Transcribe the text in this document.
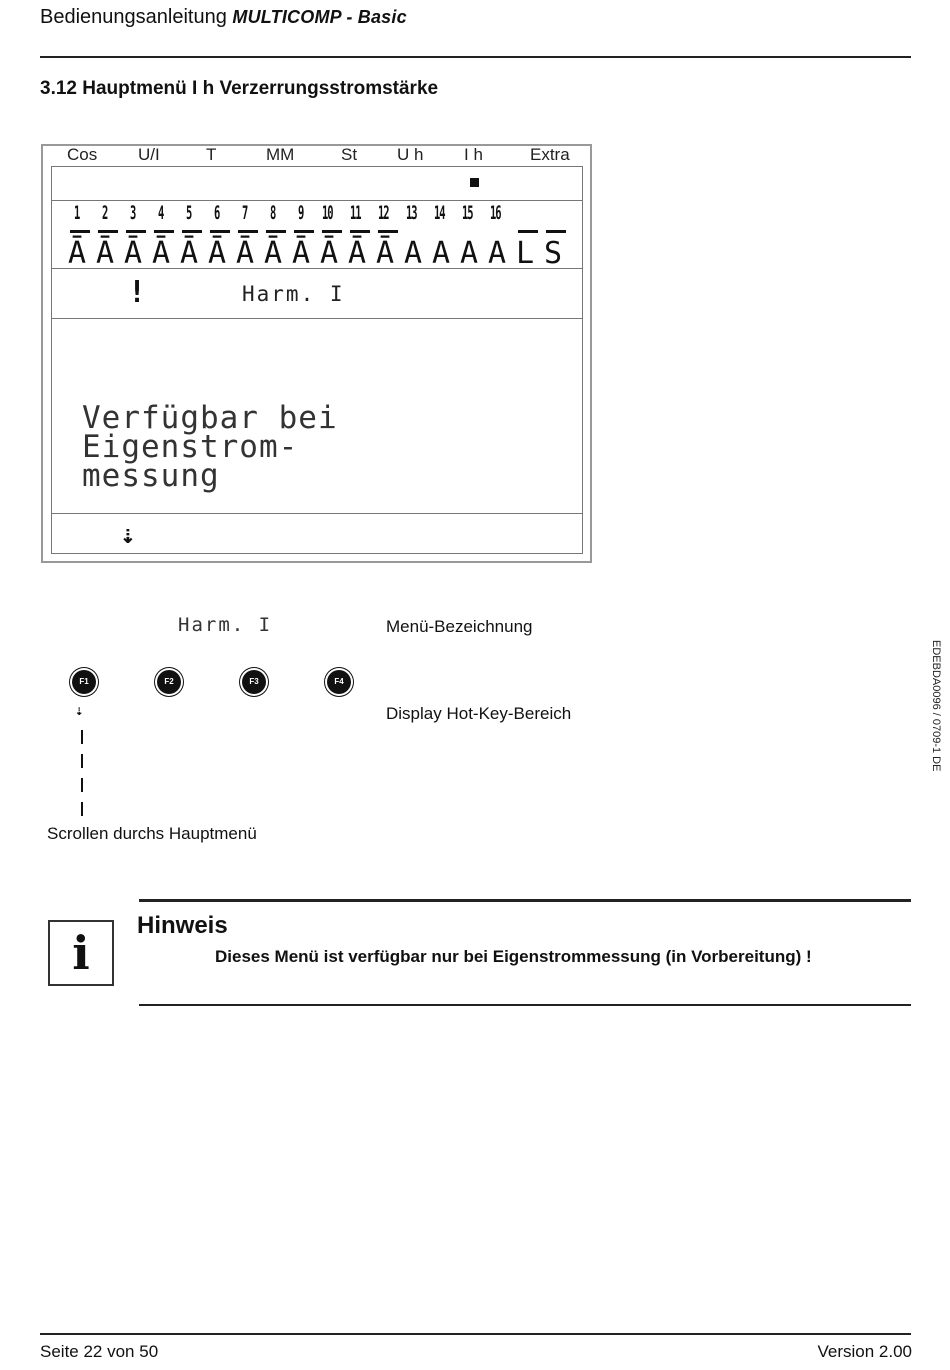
Bedienungsanleitung MULTICOMP - Basic
3.12 Hauptmenü I h Verzerrungsstromstärke
Cos U/I	T	MM	St U h I h	Extra
1 2 3 4 5 6 7 8 9 10 11 12 13 14 15 16
Ā Ā Ā Ā Ā Ā Ā Ā Ā Ā Ā Ā A A A A L S
!	Harm. I
Verfügbar bei
Eigenstrom-
messung
⇣
Harm. I	Menü-Bezeichnung
F1	F2	F3	F4
⇣	Display Hot-Key-Bereich
Scrollen durchs Hauptmenü
i
Hinweis
Dieses Menü ist verfügbar nur bei Eigenstrommessung (in Vorbereitung) !
EDEBDA0096 / 0709-1 DE
Seite 22 von 50	Version 2.00
